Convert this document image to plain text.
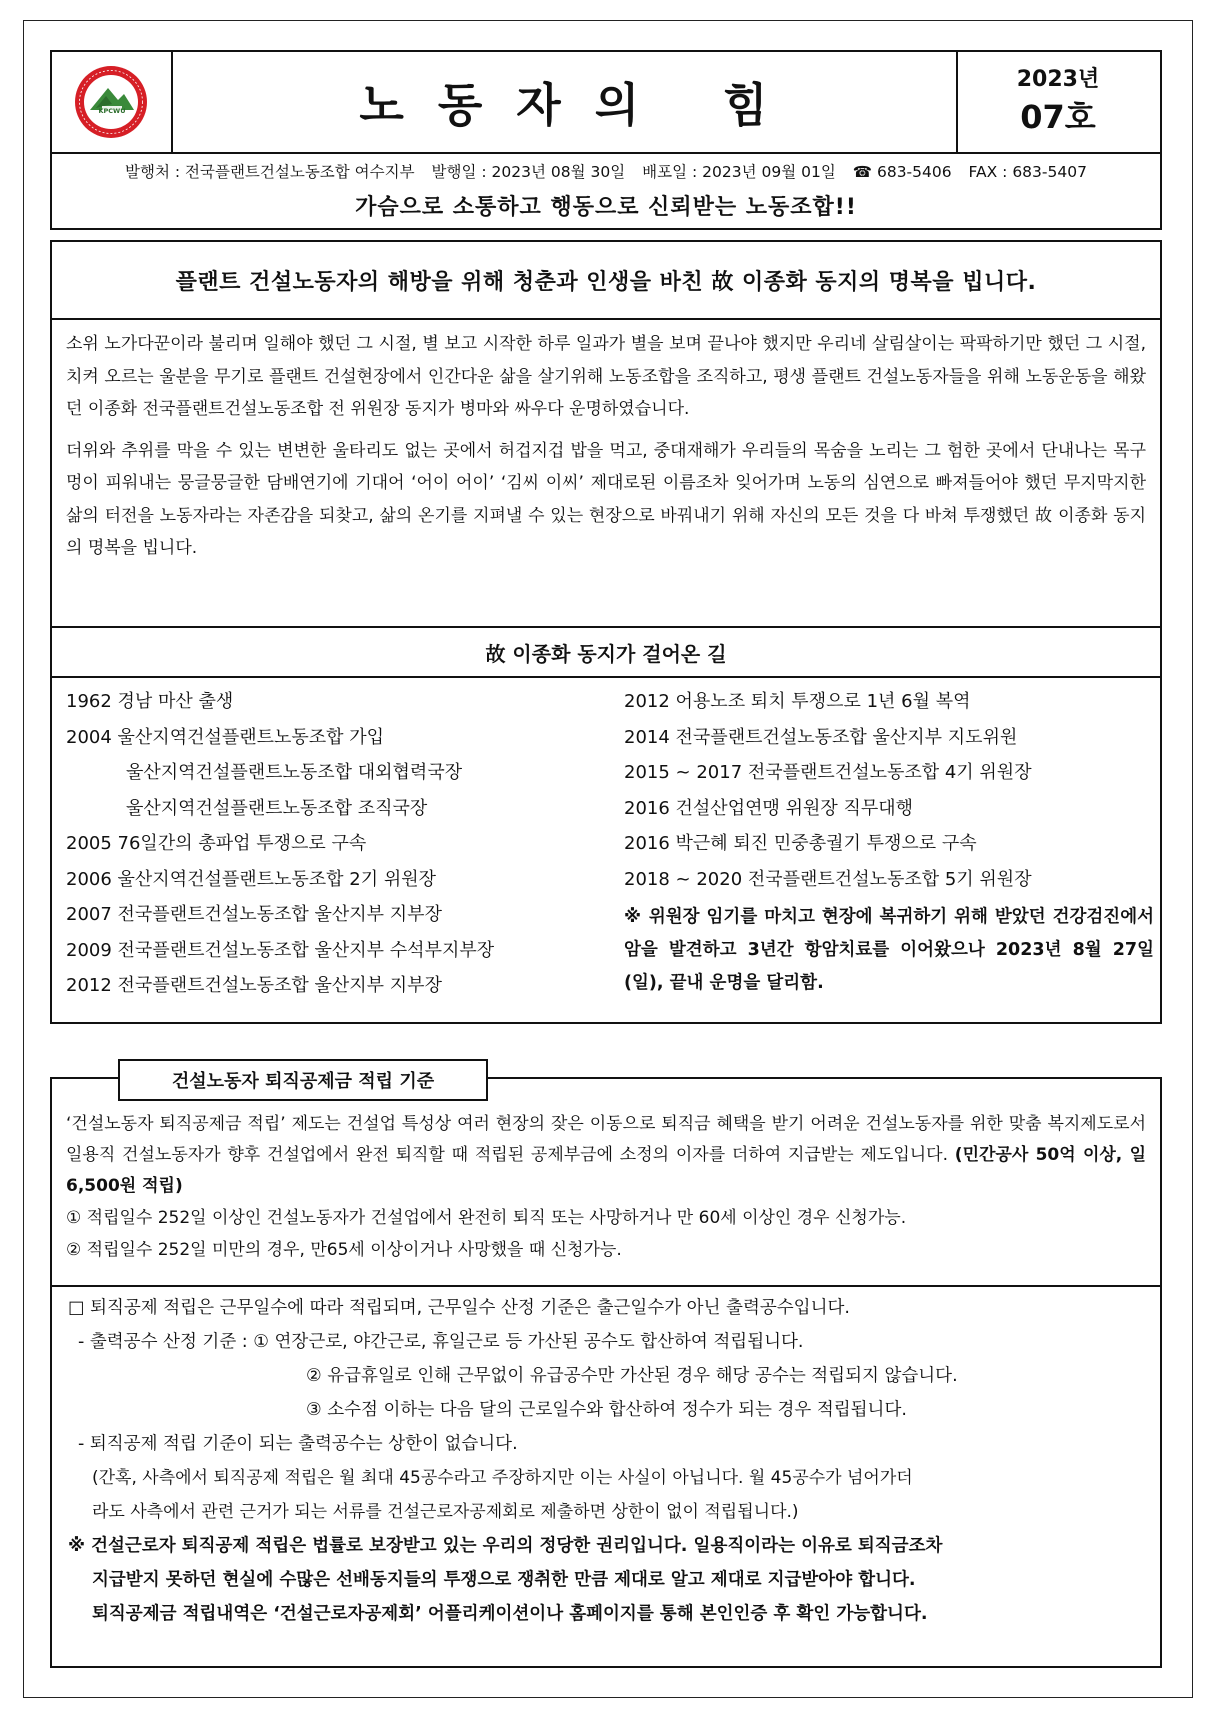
KPCWU	노동자의 힘	2023년
07호
발행처 : 전국플랜트건설노동조합 여수지부 발행일 : 2023년 08월 30일 배포일 : 2023년 09월 01일 ☎ 683-5406 FAX : 683-5407
가슴으로 소통하고 행동으로 신뢰받는 노동조합!!
플랜트 건설노동자의 해방을 위해 청춘과 인생을 바친 故 이종화 동지의 명복을 빕니다.

소위 노가다꾼이라 불리며 일해야 했던 그 시절, 별 보고 시작한 하루 일과가 별을 보며 끝나야 했지만 우리네 살림살이는 팍팍하기만 했던 그 시절, 치켜 오르는 울분을 무기로 플랜트 건설현장에서 인간다운 삶을 살기위해 노동조합을 조직하고, 평생 플랜트 건설노동자들을 위해 노동운동을 해왔던 이종화 전국플랜트건설노동조합 전 위원장 동지가 병마와 싸우다 운명하였습니다.

더위와 추위를 막을 수 있는 변변한 울타리도 없는 곳에서 허겁지겁 밥을 먹고, 중대재해가 우리들의 목숨을 노리는 그 험한 곳에서 단내나는 목구멍이 피워내는 뭉글뭉글한 담배연기에 기대어 ‘어이 어이’ ‘김씨 이씨’ 제대로된 이름조차 잊어가며 노동의 심연으로 빠져들어야 했던 무지막지한 삶의 터전을 노동자라는 자존감을 되찾고, 삶의 온기를 지펴낼 수 있는 현장으로 바꿔내기 위해 자신의 모든 것을 다 바쳐 투쟁했던 故 이종화 동지의 명복을 빕니다.

故 이종화 동지가 걸어온 길
1962 경남 마산 출생
2004 울산지역건설플랜트노동조합 가입
울산지역건설플랜트노동조합 대외협력국장
울산지역건설플랜트노동조합 조직국장
2005 76일간의 총파업 투쟁으로 구속
2006 울산지역건설플랜트노동조합 2기 위원장
2007 전국플랜트건설노동조합 울산지부 지부장
2009 전국플랜트건설노동조합 울산지부 수석부지부장
2012 전국플랜트건설노동조합 울산지부 지부장
2012 어용노조 퇴치 투쟁으로 1년 6월 복역
2014 전국플랜트건설노동조합 울산지부 지도위원
2015 ~ 2017 전국플랜트건설노동조합 4기 위원장
2016 건설산업연맹 위원장 직무대행
2016 박근혜 퇴진 민중총궐기 투쟁으로 구속
2018 ~ 2020 전국플랜트건설노동조합 5기 위원장
※ 위원장 임기를 마치고 현장에 복귀하기 위해 받았던 건강검진에서 암을 발견하고 3년간 항암치료를 이어왔으나 2023년 8월 27일(일), 끝내 운명을 달리함.
건설노동자 퇴직공제금 적립 기준
‘건설노동자 퇴직공제금 적립’ 제도는 건설업 특성상 여러 현장의 잦은 이동으로 퇴직금 혜택을 받기 어려운 건설노동자를 위한 맞춤 복지제도로서 일용직 건설노동자가 향후 건설업에서 완전 퇴직할 때 적립된 공제부금에 소정의 이자를 더하여 지급받는 제도입니다. (민간공사 50억 이상, 일 6,500원 적립)
① 적립일수 252일 이상인 건설노동자가 건설업에서 완전히 퇴직 또는 사망하거나 만 60세 이상인 경우 신청가능.
② 적립일수 252일 미만의 경우, 만65세 이상이거나 사망했을 때 신청가능.
□ 퇴직공제 적립은 근무일수에 따라 적립되며, 근무일수 산정 기준은 출근일수가 아닌 출력공수입니다.
- 출력공수 산정 기준 : ① 연장근로, 야간근로, 휴일근로 등 가산된 공수도 합산하여 적립됩니다.
② 유급휴일로 인해 근무없이 유급공수만 가산된 경우 해당 공수는 적립되지 않습니다.
③ 소수점 이하는 다음 달의 근로일수와 합산하여 정수가 되는 경우 적립됩니다.
- 퇴직공제 적립 기준이 되는 출력공수는 상한이 없습니다.
(간혹, 사측에서 퇴직공제 적립은 월 최대 45공수라고 주장하지만 이는 사실이 아닙니다. 월 45공수가 넘어가더
라도 사측에서 관련 근거가 되는 서류를 건설근로자공제회로 제출하면 상한이 없이 적립됩니다.)
※ 건설근로자 퇴직공제 적립은 법률로 보장받고 있는 우리의 정당한 권리입니다. 일용직이라는 이유로 퇴직금조차
지급받지 못하던 현실에 수많은 선배동지들의 투쟁으로 쟁취한 만큼 제대로 알고 제대로 지급받아야 합니다.
퇴직공제금 적립내역은 ‘건설근로자공제회’ 어플리케이션이나 홈페이지를 통해 본인인증 후 확인 가능합니다.
